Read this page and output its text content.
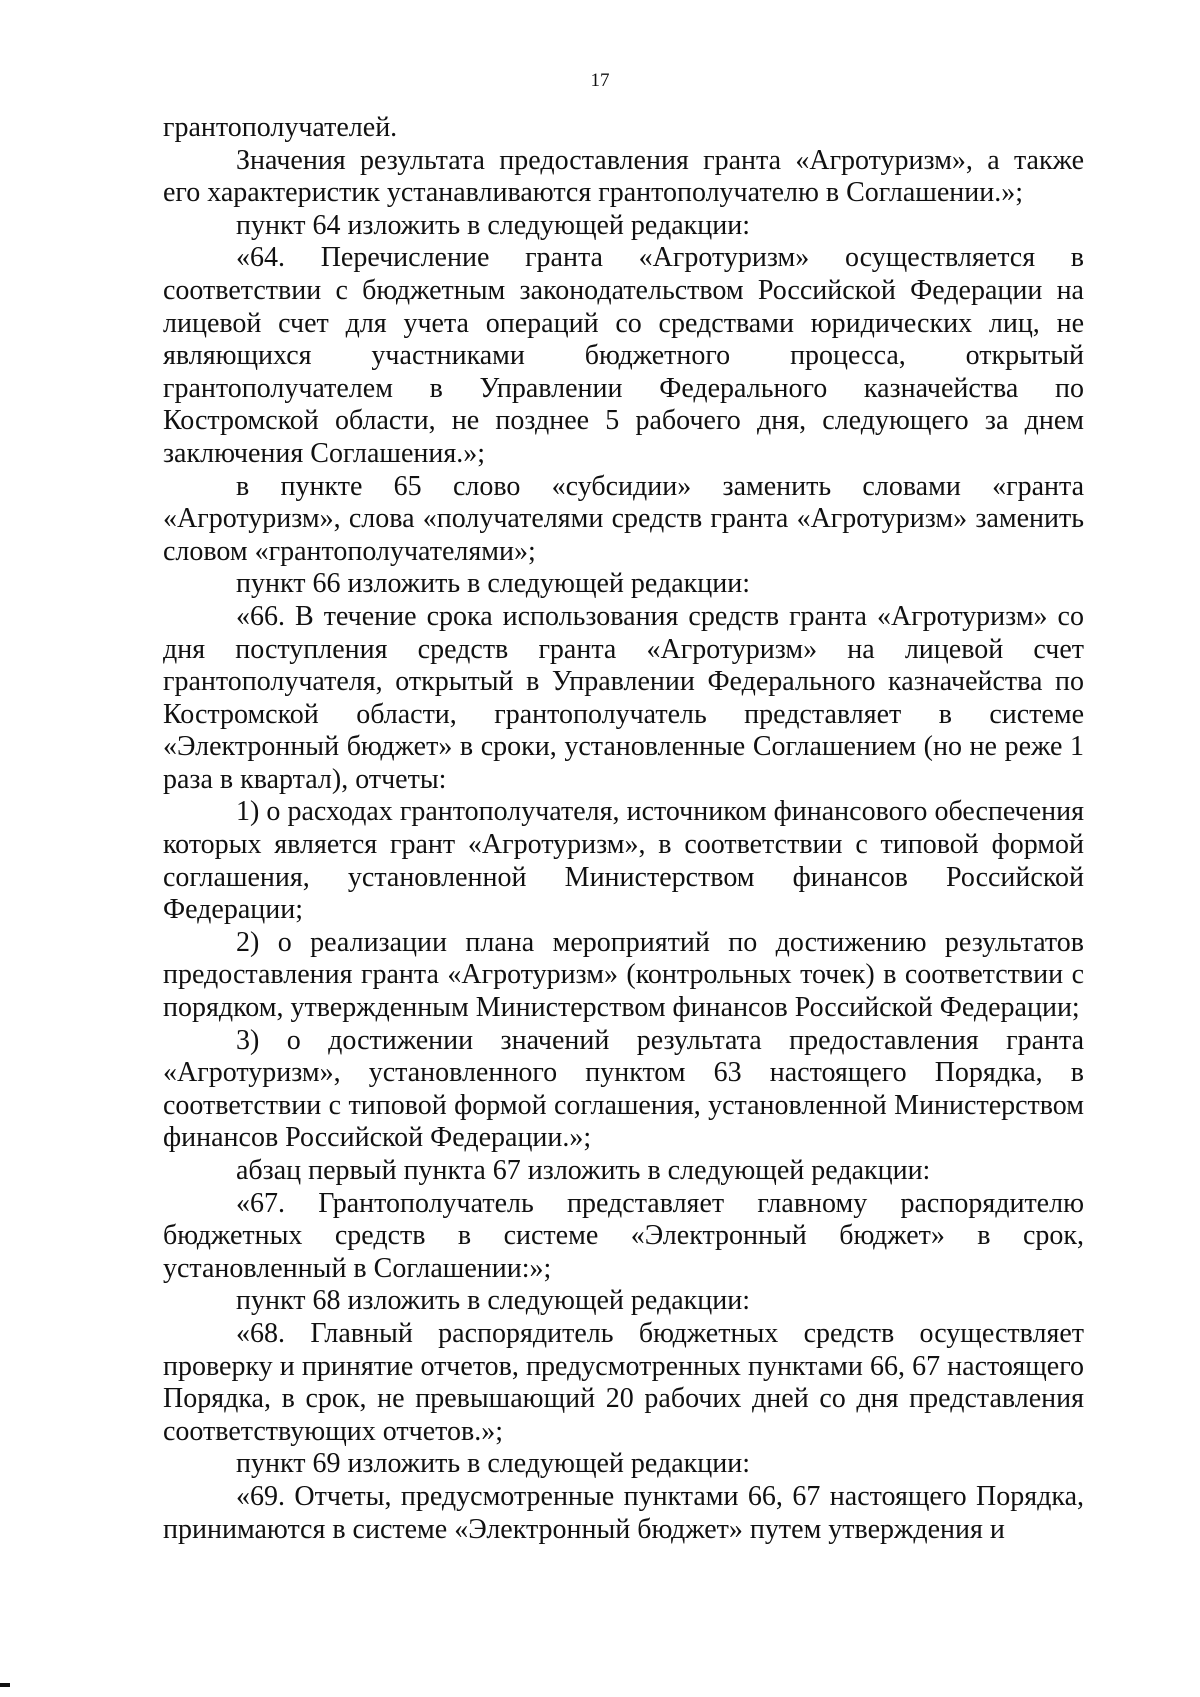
17

грантополучателей.

Значения результата предоставления гранта «Агротуризм», а также его характеристик устанавливаются грантополучателю в Соглашении.»;

пункт 64 изложить в следующей редакции:

«64. Перечисление гранта «Агротуризм» осуществляется в соответствии с бюджетным законодательством Российской Федерации на лицевой счет для учета операций со средствами юридических лиц, не являющихся участниками бюджетного процесса, открытый грантополучателем в Управлении Федерального казначейства по Костромской области, не позднее 5 рабочего дня, следующего за днем заключения Соглашения.»;

в пункте 65 слово «субсидии» заменить словами «гранта «Агротуризм», слова «получателями средств гранта «Агротуризм» заменить словом «грантополучателями»;

пункт 66 изложить в следующей редакции:

«66. В течение срока использования средств гранта «Агротуризм» со дня поступления средств гранта «Агротуризм» на лицевой счет грантополучателя, открытый в Управлении Федерального казначейства по Костромской области, грантополучатель представляет в системе «Электронный бюджет» в сроки, установленные Соглашением (но не реже 1 раза в квартал), отчеты:

1) о расходах грантополучателя, источником финансового обеспечения которых является грант «Агротуризм», в соответствии с типовой формой соглашения, установленной Министерством финансов Российской Федерации;

2) о реализации плана мероприятий по достижению результатов предоставления гранта «Агротуризм» (контрольных точек) в соответствии с порядком, утвержденным Министерством финансов Российской Федерации;

3) о достижении значений результата предоставления гранта «Агротуризм», установленного пунктом 63 настоящего Порядка, в соответствии с типовой формой соглашения, установленной Министерством финансов Российской Федерации.»;

абзац первый пункта 67 изложить в следующей редакции:

«67. Грантополучатель представляет главному распорядителю бюджетных средств в системе «Электронный бюджет» в срок, установленный в Соглашении:»;

пункт 68 изложить в следующей редакции:

«68. Главный распорядитель бюджетных средств осуществляет проверку и принятие отчетов, предусмотренных пунктами 66, 67 настоящего Порядка, в срок, не превышающий 20 рабочих дней со дня представления соответствующих отчетов.»;

пункт 69 изложить в следующей редакции:

«69. Отчеты, предусмотренные пунктами 66, 67 настоящего Порядка, принимаются в системе «Электронный бюджет» путем утверждения и
